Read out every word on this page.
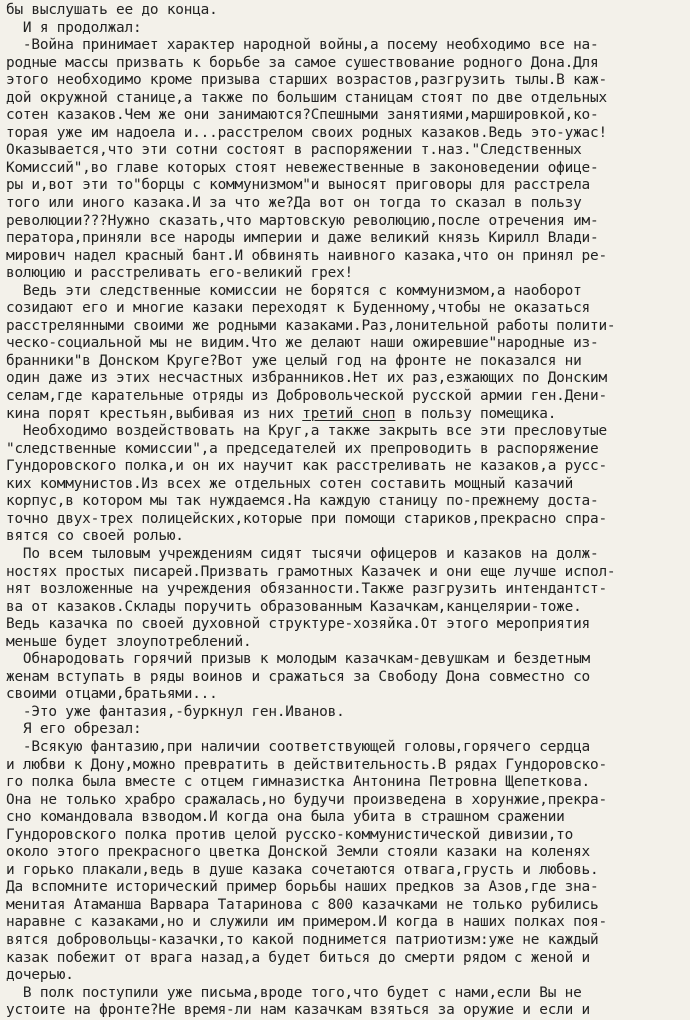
бы выслушать ее до конца.
И я продолжал:
-Война принимает характер народной войны,а посему необходимо все на-
родные массы призвать к борьбе за самое сушествование родного Дона.Для
этого необходимо кроме призыва старших возрастов,разгрузить тылы.В каж-
дой окружной станице,а также по большим станицам стоят по две отдельных
сотен казаков.Чем же они занимаются?Спешными занятиями,маршировкой,ко-
торая уже им надоела и...расстрелом своих родных казаков.Ведь это-ужас!
Оказывается,что эти сотни состоят в распоряжении т.наз."Следственных
Комиссий",во главе которых стоят невежественные в законоведении офице-
ры и,вот эти то"борцы с коммунизмом"и выносят приговоры для расстрела
того или иного казака.И за что же?Да вот он тогда то сказал в пользу
революции???Нужно сказать,что мартовскую революцию,после отречения им-
ператора,приняли все народы империи и даже великий князь Кирилл Влади-
мирович надел красный бант.И обвинять наивного казака,что он принял ре-
волюцию и расстреливать его-великий грех!
Ведь эти следственные комиссии не борятся с коммунизмом,а наоборот
созидают его и многие казаки переходят к Буденному,чтобы не оказаться
расстрелянными своими же родными казаками.Раз,лонительной работы полити-
ческо-социальной мы не видим.Что же делают наши ожиревшие"народные из-
бранники"в Донском Круге?Вот уже целый год на фронте не показался ни
один даже из этих несчастных избранников.Нет их раз,езжающих по Донским
селам,где карательные отряды из Добровольческой русской армии ген.Дени-
кина порят крестьян,выбивая из них третий сноп в пользу помещика.
Необходимо воздействовать на Круг,а также закрыть все эти пресловутые
"следственные комиссии",а председателей их препроводить в распоряжение
Гундоровского полка,и он их научит как расстреливать не казаков,а русс-
ких коммунистов.Из всех же отдельных сотен составить мощный казачий
корпус,в котором мы так нуждаемся.На каждую станицу по-прежнему доста-
точно двух-трех полицейских,которые при помощи стариков,прекрасно спра-
вятся со своей ролью.
По всем тыловым учреждениям сидят тысячи офицеров и казаков на долж-
ностях простых писарей.Призвать грамотных Казачек и они еще лучше испол-
нят возложенные на учреждения обязанности.Также разгрузить интендантст-
ва от казаков.Склады поручить образованным Казачкам,канцелярии-тоже.
Ведь казачка по своей духовной структуре-хозяйка.От этого мероприятия
меньше будет злоупотреблений.
Обнародовать горячий призыв к молодым казачкам-девушкам и бездетным
женам вступать в ряды воинов и сражаться за Свободу Дона совместно со
своими отцами,братьями...
-Это уже фантазия,-буркнул ген.Иванов.
Я его обрезал:
-Всякую фантазию,при наличии соответствующей головы,горячего сердца
и любви к Дону,можно превратить в действительность.В рядах Гундоровско-
го полка была вместе с отцем гимназистка Антонина Петровна Щепеткова.
Она не только храбро сражалась,но будучи произведена в хорунжие,прекра-
сно командовала взводом.И когда она была убита в страшном сражении
Гундоровского полка против целой русско-коммунистической дивизии,то
около этого прекрасного цветка Донской Земли стояли казаки на коленях
и горько плакали,ведь в душе казака сочетаются отвага,грусть и любовь.
Да вспомните исторический пример борьбы наших предков за Азов,где зна-
менитая Атаманша Варвара Татаринова с 800 казачками не только рубились
наравне с казаками,но и служили им примером.И когда в наших полках поя-
вятся добровольцы-казачки,то какой поднимется патриотизм:уже не каждый
казак побежит от врага назад,а будет биться до смерти рядом с женой и
дочерью.
В полк поступили уже письма,вроде того,что будет с нами,если Вы не
устоите на фронте?Не время-ли нам казачкам взяться за оружие и если и
